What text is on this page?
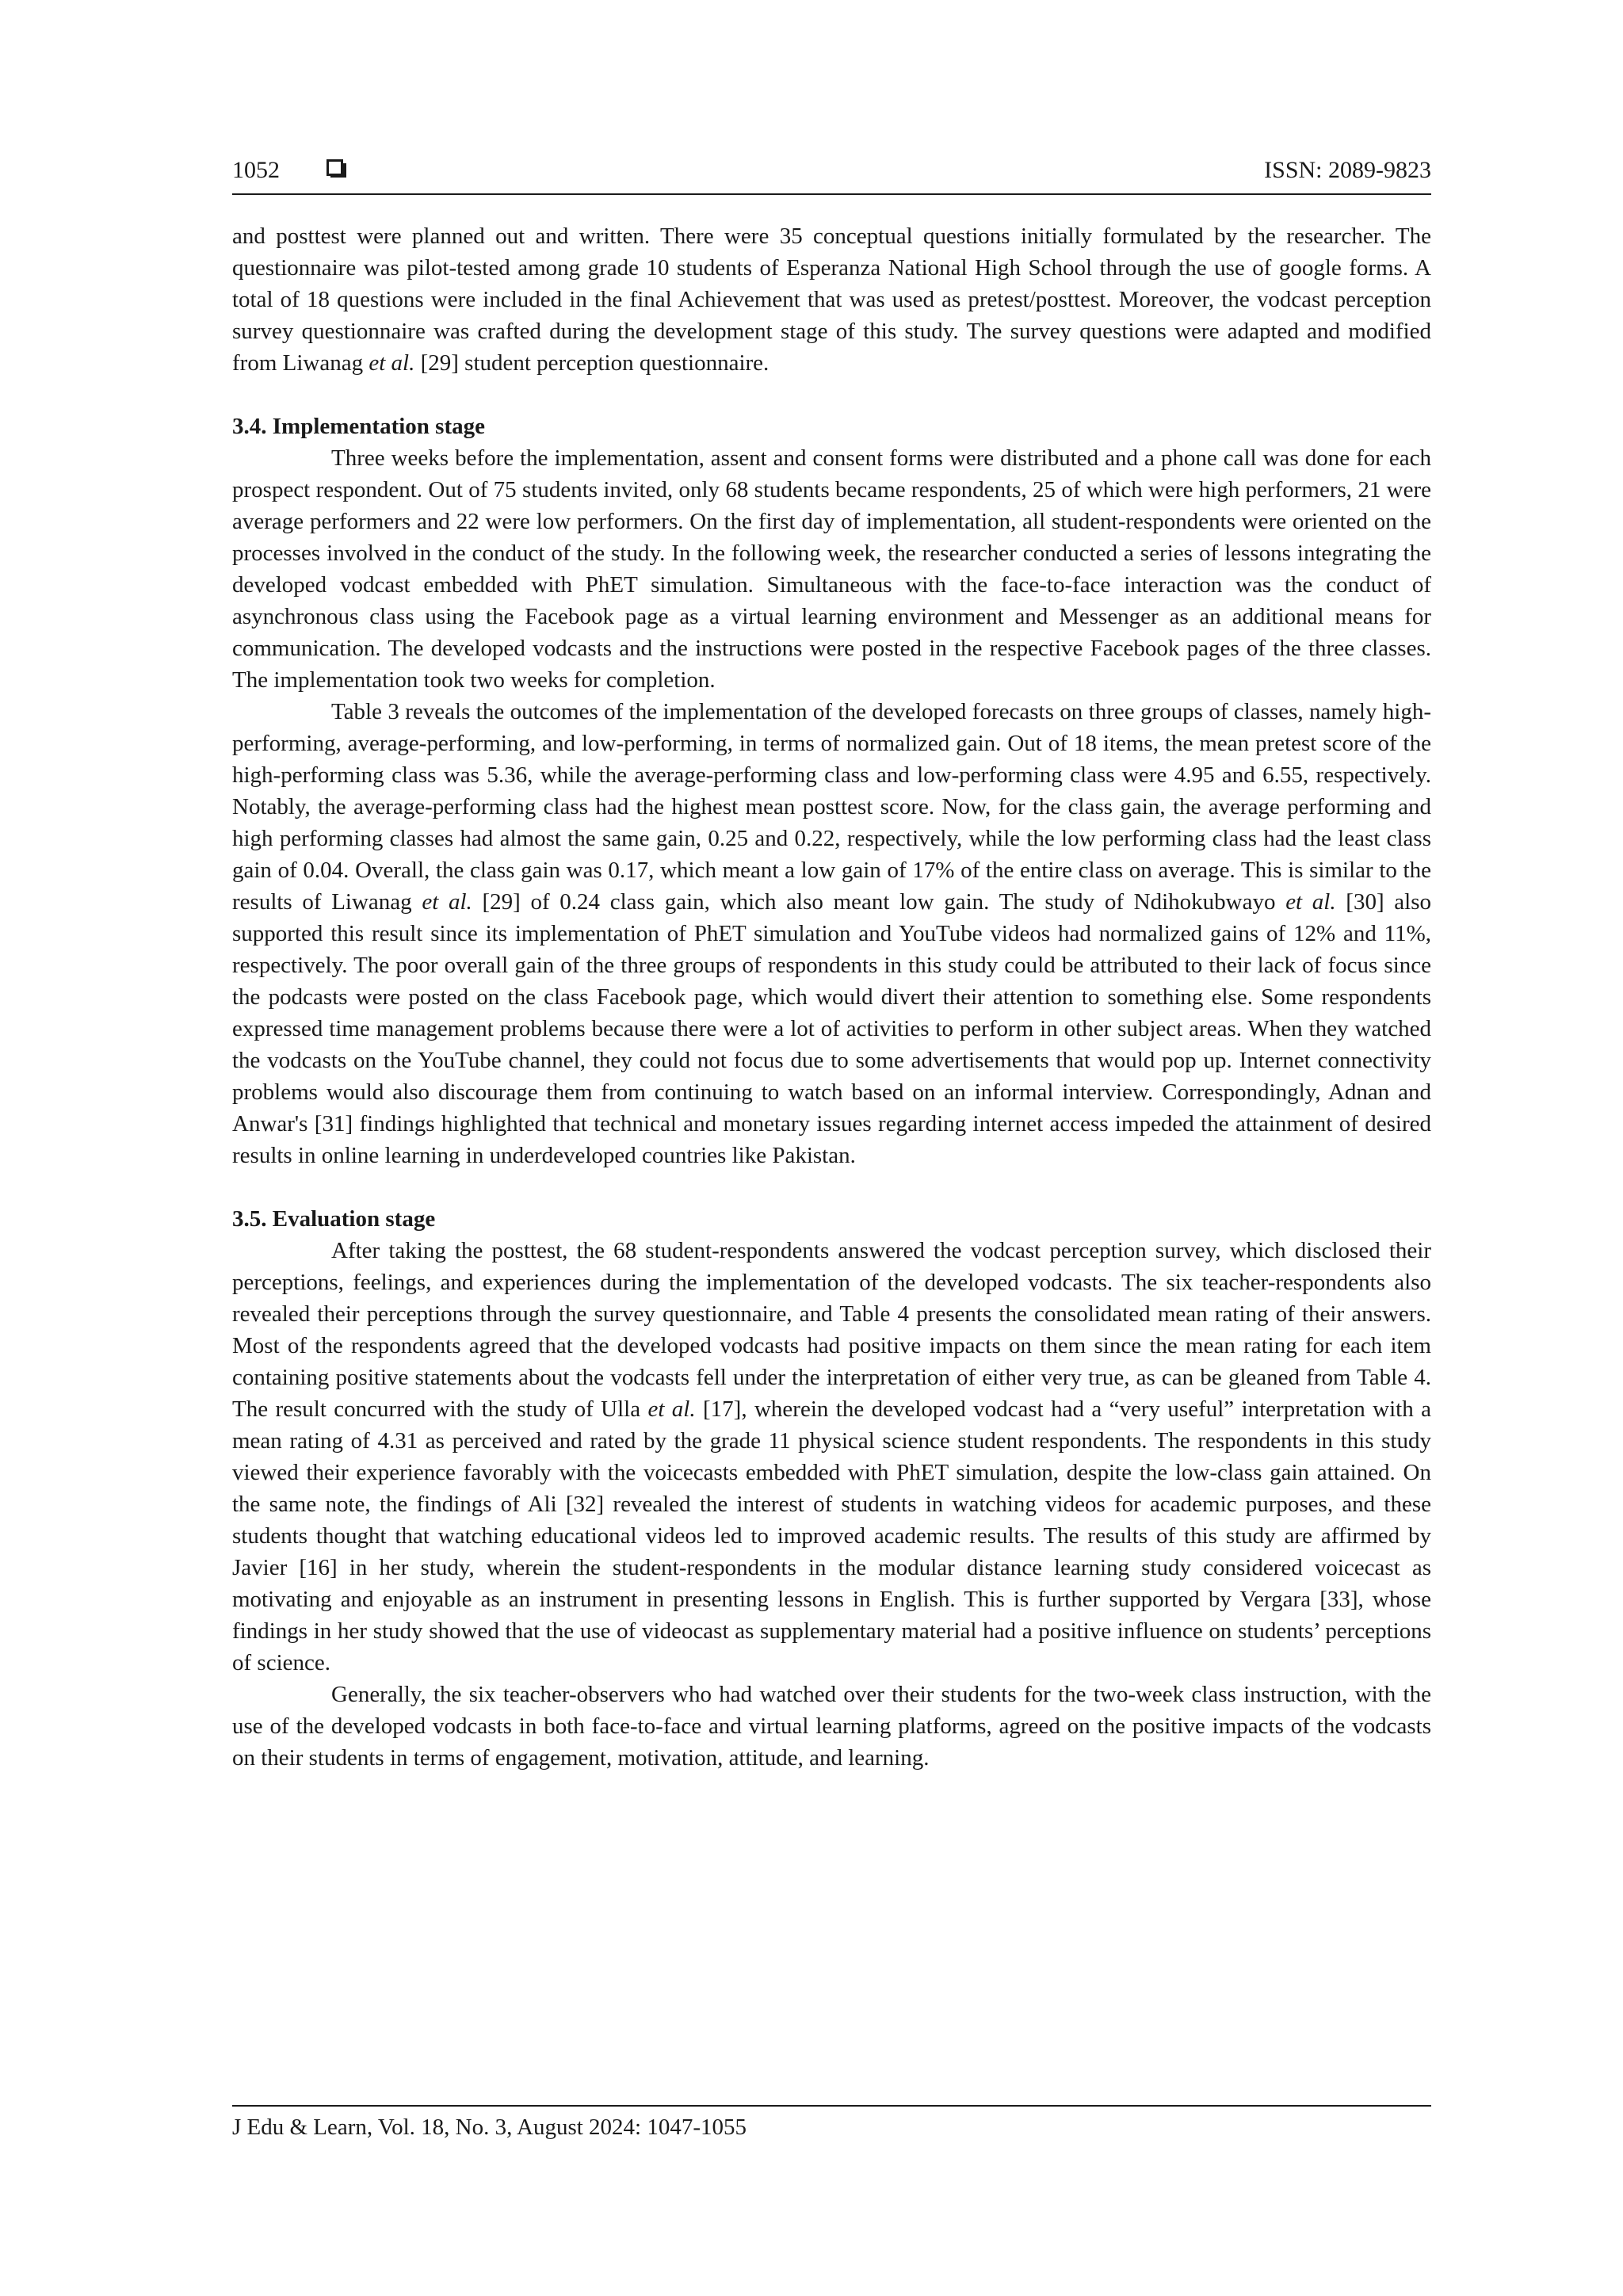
1052	ISSN: 2089-9823

and posttest were planned out and written. There were 35 conceptual questions initially formulated by the researcher. The questionnaire was pilot-tested among grade 10 students of Esperanza National High School through the use of google forms. A total of 18 questions were included in the final Achievement that was used as pretest/posttest. Moreover, the vodcast perception survey questionnaire was crafted during the development stage of this study. The survey questions were adapted and modified from Liwanag et al. [29] student perception questionnaire.

3.4. Implementation stage

Three weeks before the implementation, assent and consent forms were distributed and a phone call was done for each prospect respondent. Out of 75 students invited, only 68 students became respondents, 25 of which were high performers, 21 were average performers and 22 were low performers. On the first day of implementation, all student-respondents were oriented on the processes involved in the conduct of the study. In the following week, the researcher conducted a series of lessons integrating the developed vodcast embedded with PhET simulation. Simultaneous with the face-to-face interaction was the conduct of asynchronous class using the Facebook page as a virtual learning environment and Messenger as an additional means for communication. The developed vodcasts and the instructions were posted in the respective Facebook pages of the three classes. The implementation took two weeks for completion.

Table 3 reveals the outcomes of the implementation of the developed forecasts on three groups of classes, namely high-performing, average-performing, and low-performing, in terms of normalized gain. Out of 18 items, the mean pretest score of the high-performing class was 5.36, while the average-performing class and low-performing class were 4.95 and 6.55, respectively. Notably, the average-performing class had the highest mean posttest score. Now, for the class gain, the average performing and high performing classes had almost the same gain, 0.25 and 0.22, respectively, while the low performing class had the least class gain of 0.04. Overall, the class gain was 0.17, which meant a low gain of 17% of the entire class on average. This is similar to the results of Liwanag et al. [29] of 0.24 class gain, which also meant low gain. The study of Ndihokubwayo et al. [30] also supported this result since its implementation of PhET simulation and YouTube videos had normalized gains of 12% and 11%, respectively. The poor overall gain of the three groups of respondents in this study could be attributed to their lack of focus since the podcasts were posted on the class Facebook page, which would divert their attention to something else. Some respondents expressed time management problems because there were a lot of activities to perform in other subject areas. When they watched the vodcasts on the YouTube channel, they could not focus due to some advertisements that would pop up. Internet connectivity problems would also discourage them from continuing to watch based on an informal interview. Correspondingly, Adnan and Anwar's [31] findings highlighted that technical and monetary issues regarding internet access impeded the attainment of desired results in online learning in underdeveloped countries like Pakistan.

3.5. Evaluation stage

After taking the posttest, the 68 student-respondents answered the vodcast perception survey, which disclosed their perceptions, feelings, and experiences during the implementation of the developed vodcasts. The six teacher-respondents also revealed their perceptions through the survey questionnaire, and Table 4 presents the consolidated mean rating of their answers. Most of the respondents agreed that the developed vodcasts had positive impacts on them since the mean rating for each item containing positive statements about the vodcasts fell under the interpretation of either very true, as can be gleaned from Table 4. The result concurred with the study of Ulla et al. [17], wherein the developed vodcast had a “very useful” interpretation with a mean rating of 4.31 as perceived and rated by the grade 11 physical science student respondents. The respondents in this study viewed their experience favorably with the voicecasts embedded with PhET simulation, despite the low-class gain attained. On the same note, the findings of Ali [32] revealed the interest of students in watching videos for academic purposes, and these students thought that watching educational videos led to improved academic results. The results of this study are affirmed by Javier [16] in her study, wherein the student-respondents in the modular distance learning study considered voicecast as motivating and enjoyable as an instrument in presenting lessons in English. This is further supported by Vergara [33], whose findings in her study showed that the use of videocast as supplementary material had a positive influence on students’ perceptions of science.

Generally, the six teacher-observers who had watched over their students for the two-week class instruction, with the use of the developed vodcasts in both face-to-face and virtual learning platforms, agreed on the positive impacts of the vodcasts on their students in terms of engagement, motivation, attitude, and learning.

J Edu & Learn, Vol. 18, No. 3, August 2024: 1047-1055
